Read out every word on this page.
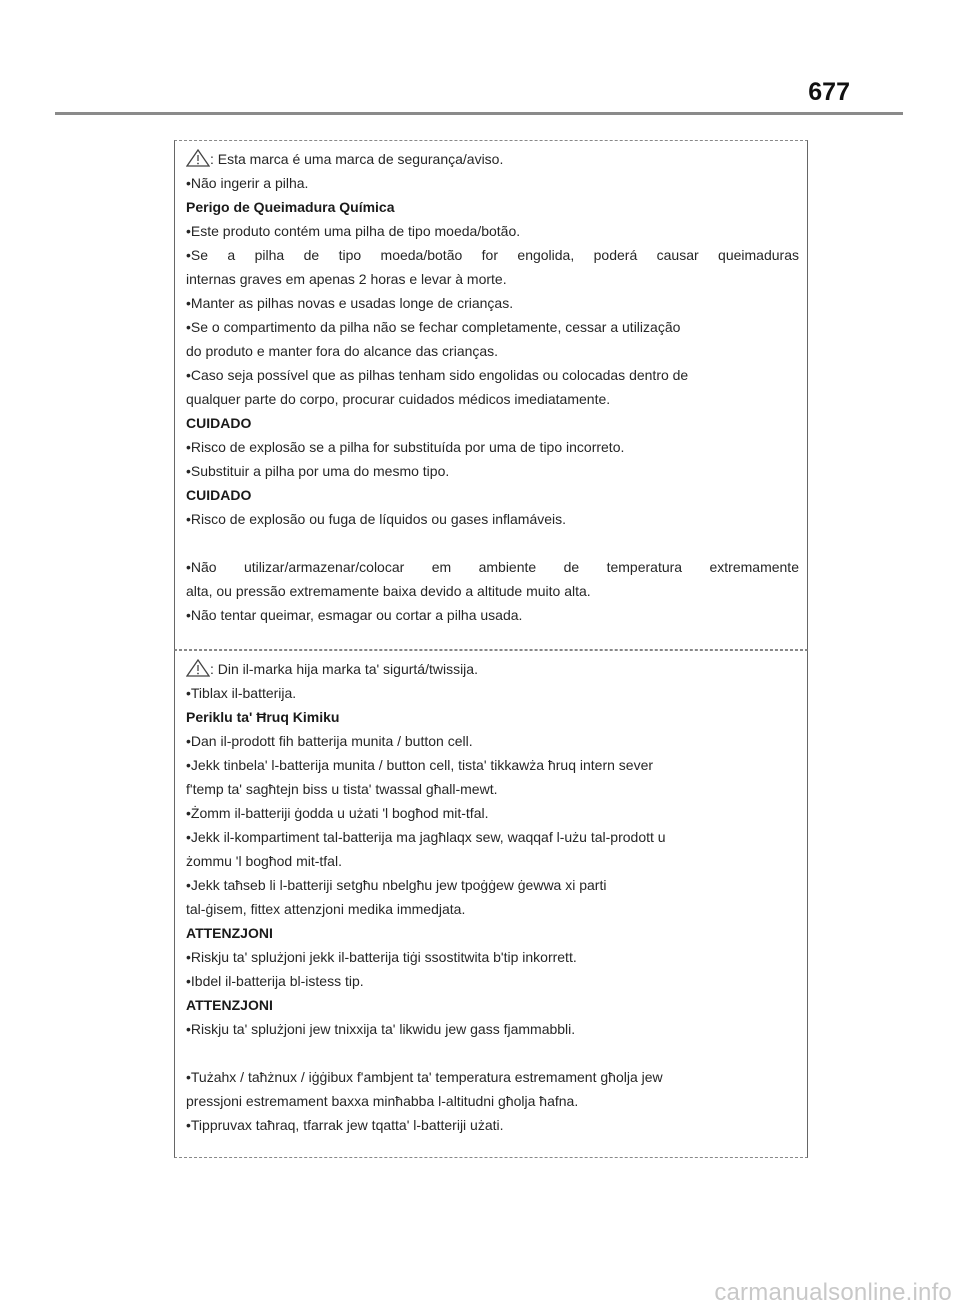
677
: Esta marca é uma marca de segurança/aviso.
•Não ingerir a pilha.
Perigo de Queimadura Química
•Este produto contém uma pilha de tipo moeda/botão.
•Se a pilha de tipo moeda/botão for engolida, poderá causar queimaduras
internas graves em apenas 2 horas e levar à morte.
•Manter as pilhas novas e usadas longe de crianças.
•Se o compartimento da pilha não se fechar completamente, cessar a utilização
do produto e manter fora do alcance das crianças.
•Caso seja possível que as pilhas tenham sido engolidas ou colocadas dentro de
qualquer parte do corpo, procurar cuidados médicos imediatamente.
CUIDADO
•Risco de explosão se a pilha for substituída por uma de tipo incorreto.
•Substituir a pilha por uma do mesmo tipo.
CUIDADO
•Risco de explosão ou fuga de líquidos ou gases inflamáveis.
•Não utilizar/armazenar/colocar em ambiente de temperatura extremamente
alta, ou pressão extremamente baixa devido a altitude muito alta.
•Não tentar queimar, esmagar ou cortar a pilha usada.
: Din il-marka hija marka ta' sigurtá/twissija.
•Tiblax il-batterija.
Periklu ta' Ħruq Kimiku
•Dan il-prodott fih batterija munita / button cell.
•Jekk tinbela' l-batterija munita / button cell, tista' tikkawża ħruq intern sever
f'temp ta' sagħtejn biss u tista' twassal għall-mewt.
•Żomm il-batteriji ġodda u użati 'l bogħod mit-tfal.
•Jekk il-kompartiment tal-batterija ma jagħlaqx sew, waqqaf l-użu tal-prodott u
żommu 'l bogħod mit-tfal.
•Jekk taħseb li l-batteriji setgħu nbelgħu jew tpoġġew ġewwa xi parti
tal-ġisem, fittex attenzjoni medika immedjata.
ATTENZJONI
•Riskju ta' splużjoni jekk il-batterija tiġi ssostitwita b'tip inkorrett.
•Ibdel il-batterija bl-istess tip.
ATTENZJONI
•Riskju ta' splużjoni jew tnixxija ta' likwidu jew gass fjammabbli.
•Tużahx / taħżnux / iġġibux f'ambjent ta' temperatura estremament għolja jew
pressjoni estremament baxxa minħabba l-altitudni għolja ħafna.
•Tippruvax taħraq, tfarrak jew tqatta' l-batteriji użati.
carmanualsonline.info
